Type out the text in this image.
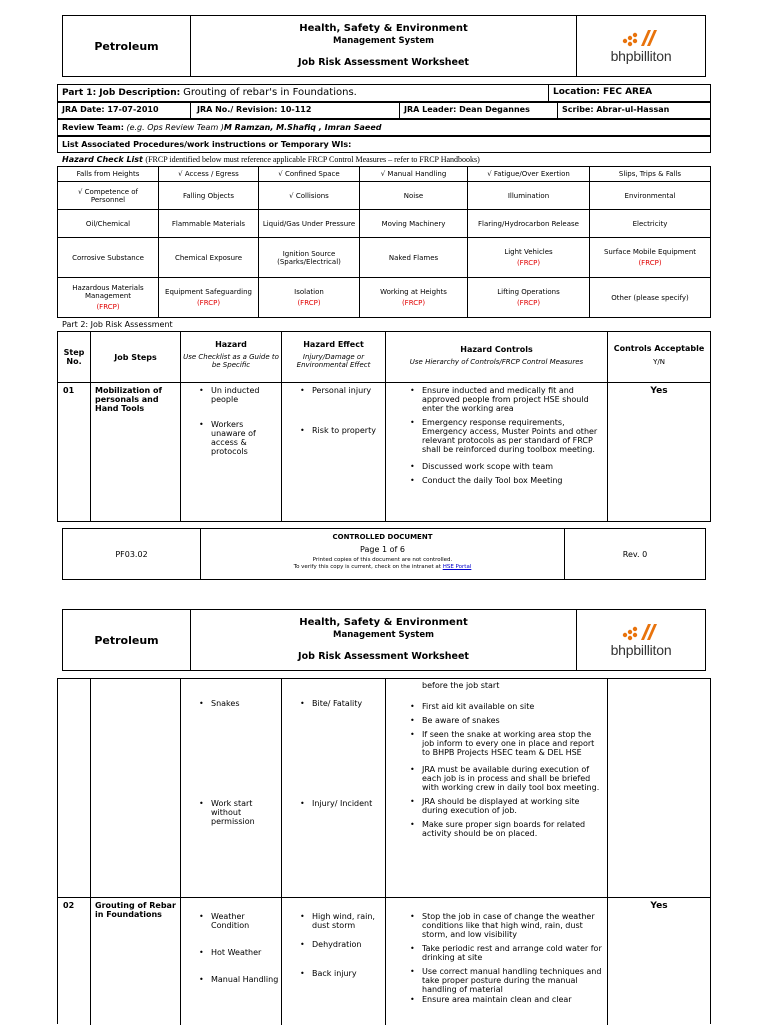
Petroleum
Health, Safety & Environment
Management System
Job Risk Assessment Worksheet	bhpbilliton
Part 1: Job Description: Grouting of rebar's in Foundations.	Location: FEC AREA
JRA Date: 17-07-2010	JRA No./ Revision: 10-112	JRA Leader: Dean Degannes	Scribe: Abrar-ul-Hassan
Review Team: (e.g. Ops Review Team )M Ramzan, M.Shafiq , Imran Saeed
List Associated Procedures/work instructions or Temporary WIs:
Hazard Check List (FRCP identified below must reference applicable FRCP Control Measures – refer to FRCP Handbooks)
Falls from Heights	√ Access / Egress	√ Confined Space	√ Manual Handling	√ Fatigue/Over Exertion	Slips, Trips & Falls
√ Competence of Personnel	Falling Objects	√ Collisions	Noise	Illumination	Environmental
Oil/Chemical	Flammable Materials	Liquid/Gas Under Pressure	Moving Machinery	Flaring/Hydrocarbon Release	Electricity
Corrosive Substance	Chemical Exposure	Ignition Source (Sparks/Electrical)	Naked Flames
Light Vehicles
(FRCP)
Surface Mobile Equipment
(FRCP)
Hazardous Materials Management
(FRCP)
Equipment Safeguarding
(FRCP)
Isolation
(FRCP)
Working at Heights
(FRCP)
Lifting Operations
(FRCP)
Other (please specify)
Part 2: Job Risk Assessment
Step No.	Job Steps
Hazard
Use Checklist as a Guide to be Specific
Hazard Effect
Injury/Damage or Environmental Effect
Hazard Controls
Use Hierarchy of Controls/FRCP Control Measures
Controls Acceptable
Y/N
01	Mobilization of personals and Hand Tools
• Un inducted people
• Workers unaware of access & protocols
• Personal injury
• Risk to property
• Ensure inducted and medically fit and approved people from project HSE should enter the working area
• Emergency response requirements, Emergency access, Muster Points and other relevant protocols as per standard of FRCP shall be reinforced during toolbox meeting.
• Discussed work scope with team
• Conduct the daily Tool box Meeting
Yes
PF03.02
CONTROLLED DOCUMENT
Page 1 of 6
Printed copies of this document are not controlled.
To verify this copy is current, check on the intranet at HSE Portal
Rev. 0
Petroleum
Health, Safety & Environment
Management System
Job Risk Assessment Worksheet	bhpbilliton
• Snakes
• Work start without permission
• Bite/ Fatality
• Injury/ Incident
before the job start
• First aid kit available on site
• Be aware of snakes
• If seen the snake at working area stop the job inform to every one in place and report to BHPB Projects HSEC team & DEL HSE
• JRA must be available during execution of each job is in process and shall be briefed with working crew in daily tool box meeting.
• JRA should be displayed at working site during execution of job.
• Make sure proper sign boards for related activity should be on placed.
02	Grouting of Rebar in Foundations
•	Weather Condition
• Hot Weather
• Manual Handling
• High wind, rain, dust storm
• Dehydration
• Back injury
• Stop the job in case of change the weather conditions like that high wind, rain, dust storm, and low visibility
• Take periodic rest and arrange cold water for drinking at site
• Use correct manual handling techniques and take proper posture during the manual handling of material
• Ensure area maintain clean and clear
Yes
